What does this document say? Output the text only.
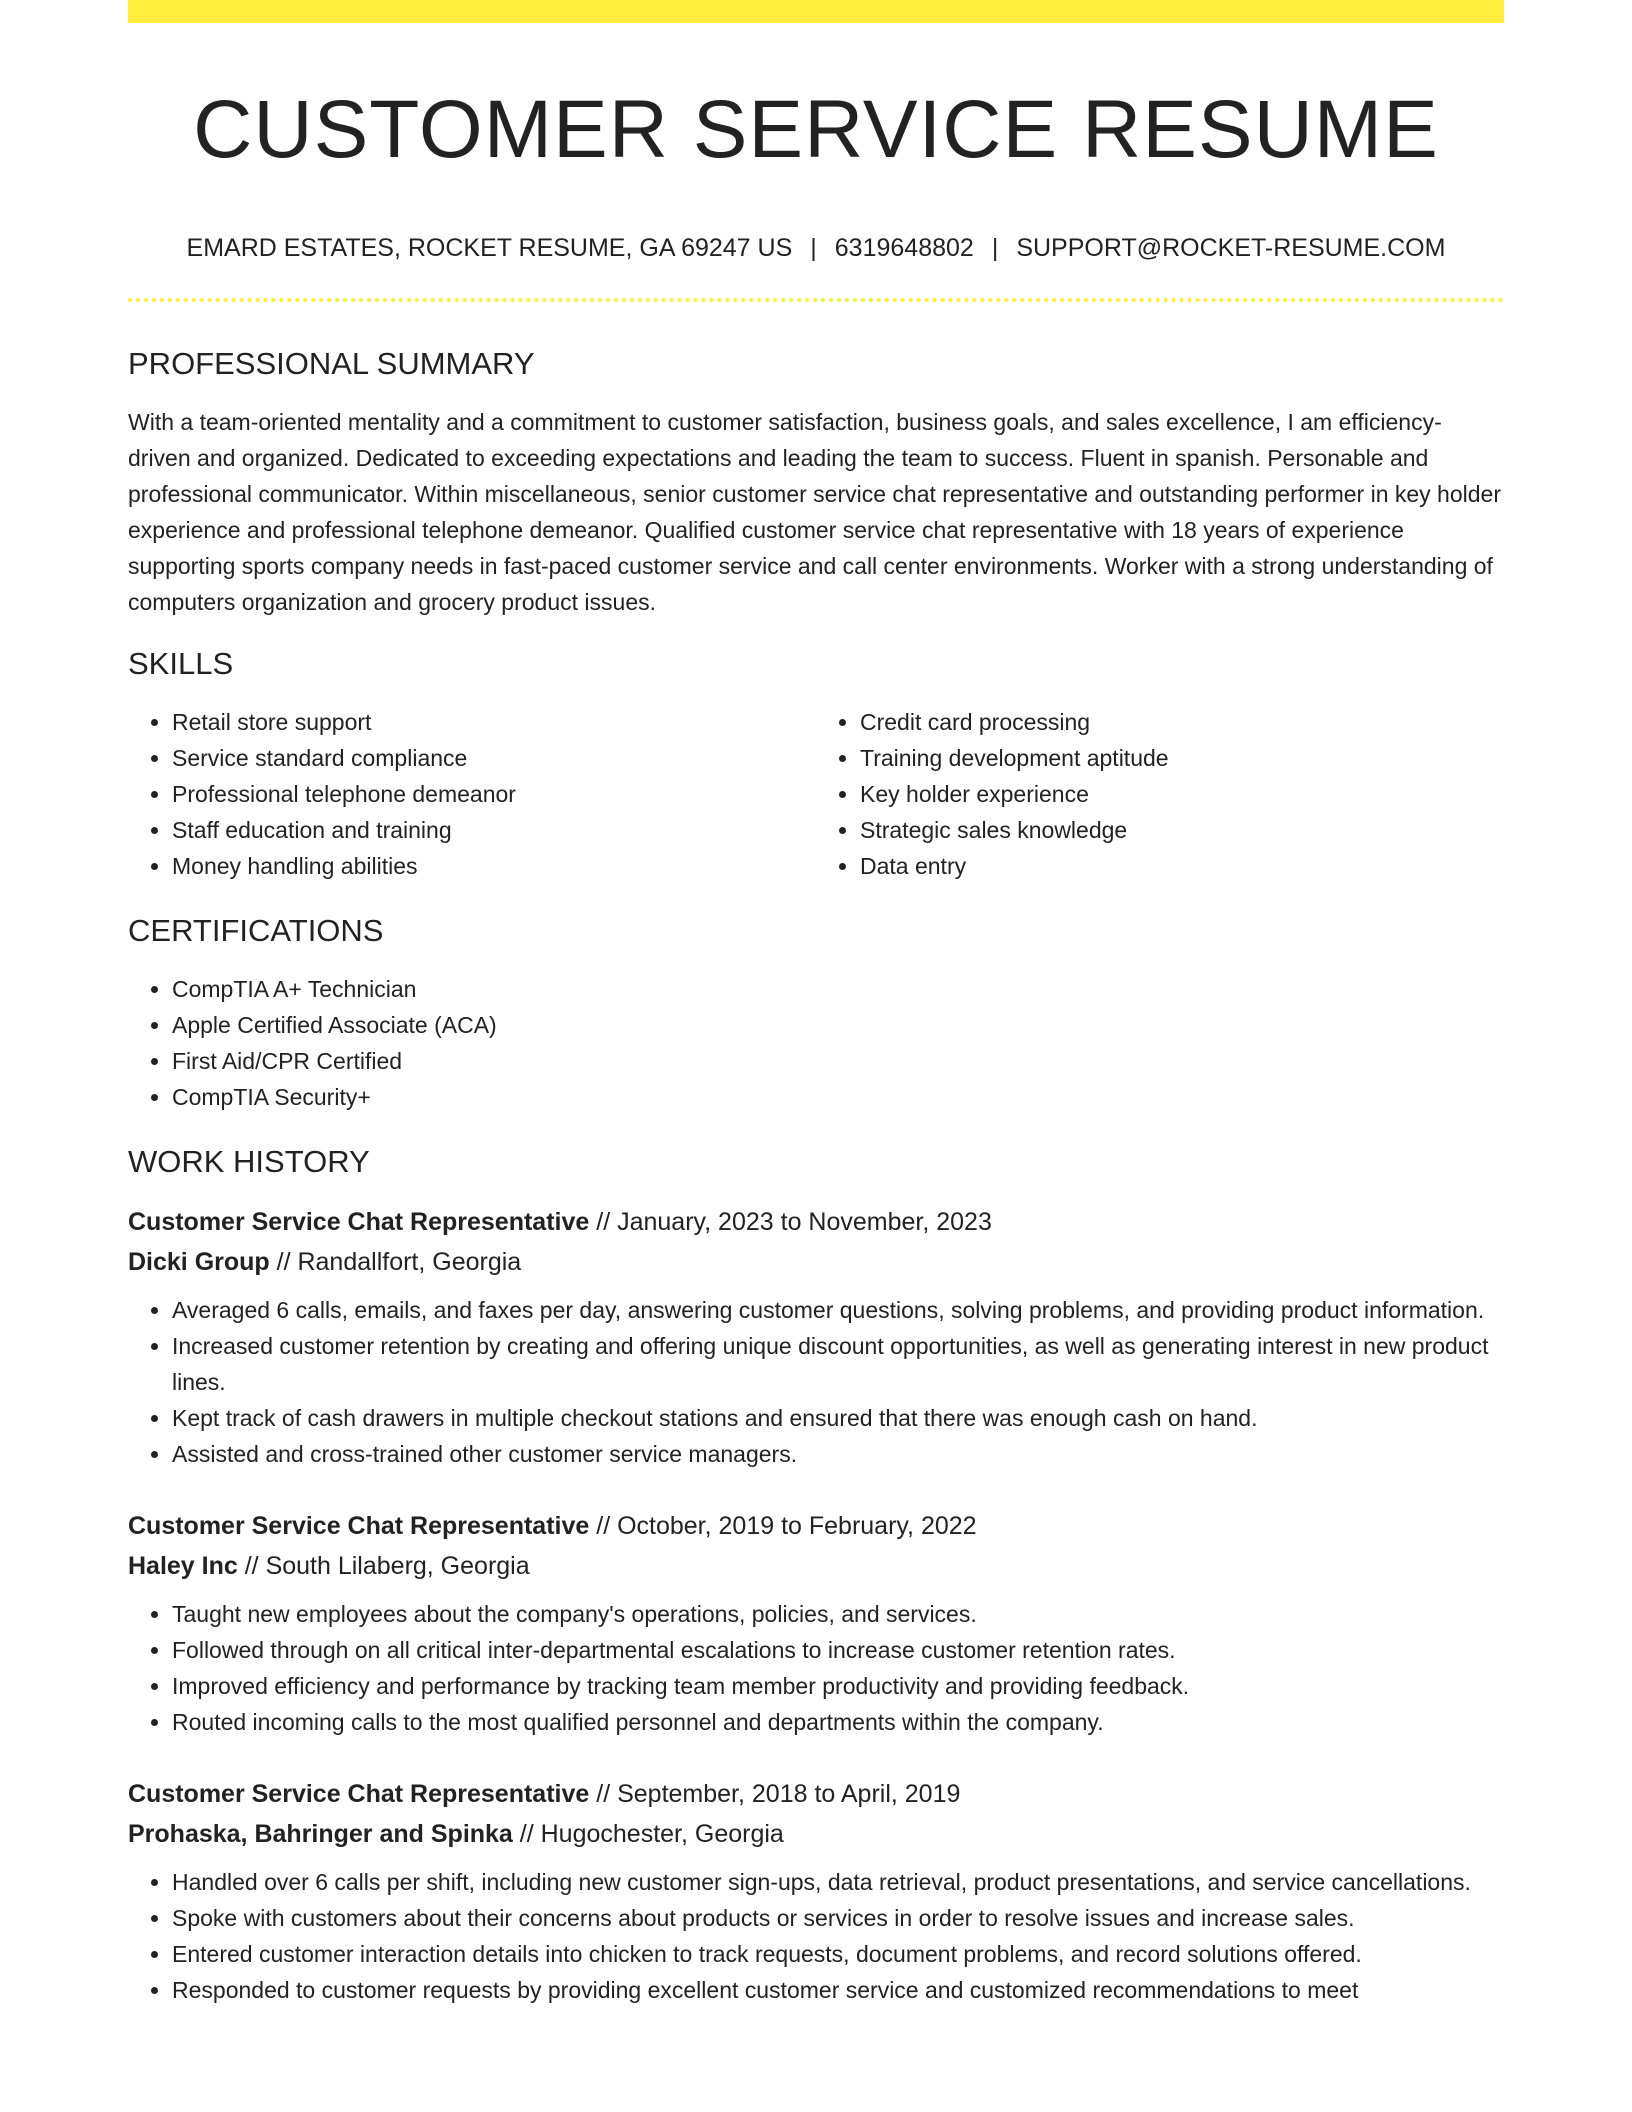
CUSTOMER SERVICE RESUME
EMARD ESTATES, ROCKET RESUME, GA 69247 US | 6319648802 | SUPPORT@ROCKET-RESUME.COM
PROFESSIONAL SUMMARY
With a team-oriented mentality and a commitment to customer satisfaction, business goals, and sales excellence, I am efficiency-driven and organized. Dedicated to exceeding expectations and leading the team to success. Fluent in spanish. Personable and professional communicator. Within miscellaneous, senior customer service chat representative and outstanding performer in key holder experience and professional telephone demeanor. Qualified customer service chat representative with 18 years of experience supporting sports company needs in fast-paced customer service and call center environments. Worker with a strong understanding of computers organization and grocery product issues.
SKILLS
• Retail store support
• Service standard compliance
• Professional telephone demeanor
• Staff education and training
• Money handling abilities
• Credit card processing
• Training development aptitude
• Key holder experience
• Strategic sales knowledge
• Data entry
CERTIFICATIONS
• CompTIA A+ Technician
• Apple Certified Associate (ACA)
• First Aid/CPR Certified
• CompTIA Security+
WORK HISTORY
Customer Service Chat Representative // January, 2023 to November, 2023
Dicki Group // Randallfort, Georgia
• Averaged 6 calls, emails, and faxes per day, answering customer questions, solving problems, and providing product information.
• Increased customer retention by creating and offering unique discount opportunities, as well as generating interest in new product lines.
• Kept track of cash drawers in multiple checkout stations and ensured that there was enough cash on hand.
• Assisted and cross-trained other customer service managers.
Customer Service Chat Representative // October, 2019 to February, 2022
Haley Inc // South Lilaberg, Georgia
• Taught new employees about the company's operations, policies, and services.
• Followed through on all critical inter-departmental escalations to increase customer retention rates.
• Improved efficiency and performance by tracking team member productivity and providing feedback.
• Routed incoming calls to the most qualified personnel and departments within the company.
Customer Service Chat Representative // September, 2018 to April, 2019
Prohaska, Bahringer and Spinka // Hugochester, Georgia
• Handled over 6 calls per shift, including new customer sign-ups, data retrieval, product presentations, and service cancellations.
• Spoke with customers about their concerns about products or services in order to resolve issues and increase sales.
• Entered customer interaction details into chicken to track requests, document problems, and record solutions offered.
• Responded to customer requests by providing excellent customer service and customized recommendations to meet
